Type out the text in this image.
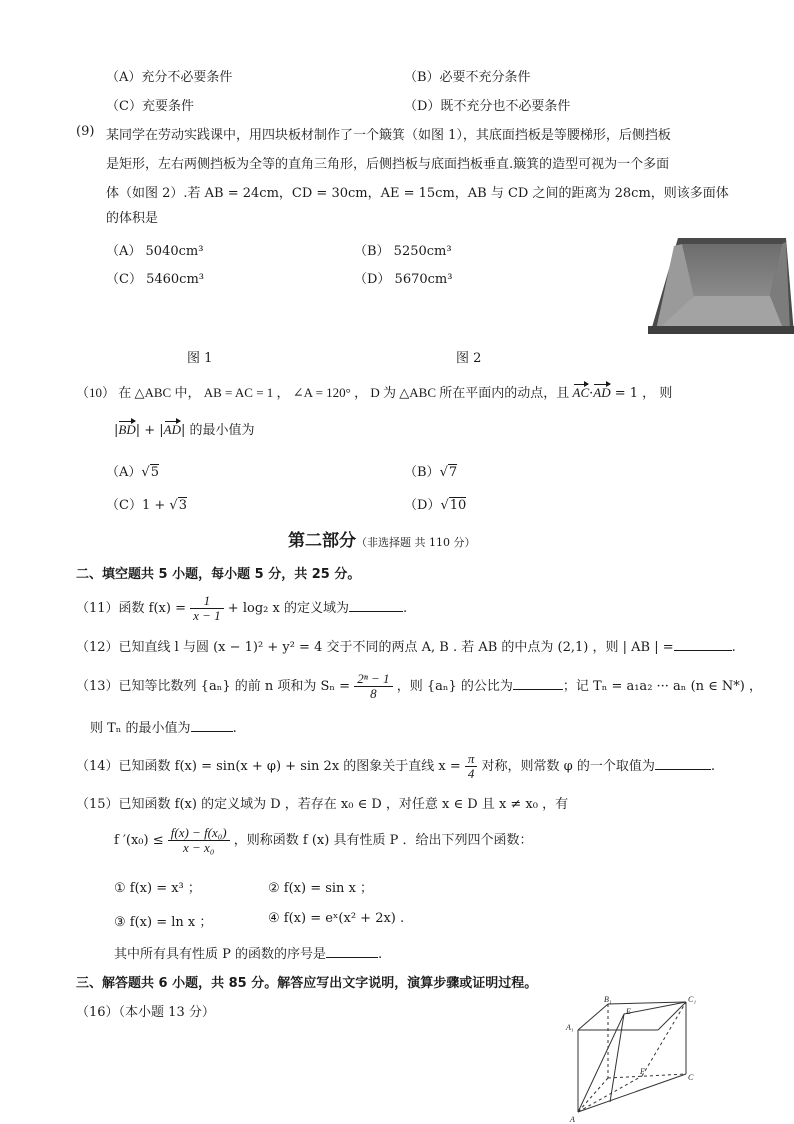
（A）充分不必要条件	（B）必要不充分条件
（C）充要条件	（D）既不充分也不必要条件
(9) 某同学在劳动实践课中，用四块板材制作了一个簸箕（如图 1），其底面挡板是等腰梯形，后侧挡板
是矩形，左右两侧挡板为全等的直角三角形，后侧挡板与底面挡板垂直.簸箕的造型可视为一个多面
体（如图 2）.若 AB = 24cm，CD = 30cm，AE = 15cm，AB 与 CD 之间的距离为 28cm，则该多面体
的体积是
（A） 5040cm³	（B） 5250cm³
（C） 5460cm³	（D） 5670cm³
图 1	图 2
（10） 在 △ABC 中， AB = AC = 1 ， ∠A = 120° ， D 为 △ABC 所在平面内的动点，且 AC·AD = 1 ， 则
|BD| + |AD| 的最小值为
（A）√5	（B）√7
（C）1 + √3	（D）√10
第二部分（非选择题 共 110 分）
二、填空题共 5 小题，每小题 5 分，共 25 分。
（11）函数 $f(x) = \frac{1}{x - 1} + \log_2$ x 的定义域为	.
（12）已知直线 l 与圆 (x − 1)² + y² = 4 交于不同的两点 A, B . 若 AB 的中点为 (2,1) ，则 | AB | =	.
（13）已知等比数列 {aₙ} 的前 n 项和为 $S_n = \frac{\text{2ⁿ − 1}}{8}$ ，则 {aₙ} 的公比为	；记 Tₙ = a₁a₂ ··· aₙ (n ∈ N*) ，
则 Tₙ 的最小值为	.
（14）已知函数 f(x) = sin(x + φ) + sin 2x 的图象关于直线 $x = \frac{\pi}{4}$ 对称，则常数 φ 的一个取值为	.
（15）已知函数 f(x) 的定义域为 D ，若存在 x₀ ∈ D ，对任意 x ∈ D 且 x ≠ x₀ ，有
f $'(x_0) \le \frac{\text{f(x) − f(x₀)}}{\text{x − x₀}}$ ，则称函数 f (x) 具有性质 P ．给出下列四个函数：
① f(x) = x³ ；	② f(x) = sin x ；
③ f(x) = ln x ；	④ f(x) = eˣ(x² + 2x) .
其中所有具有性质 P 的函数的序号是	.
三、解答题共 6 小题，共 85 分。解答应写出文字说明，演算步骤或证明过程。
（16）（本小题 13 分）
A
A₁
B₁	C₁
C
E
F
